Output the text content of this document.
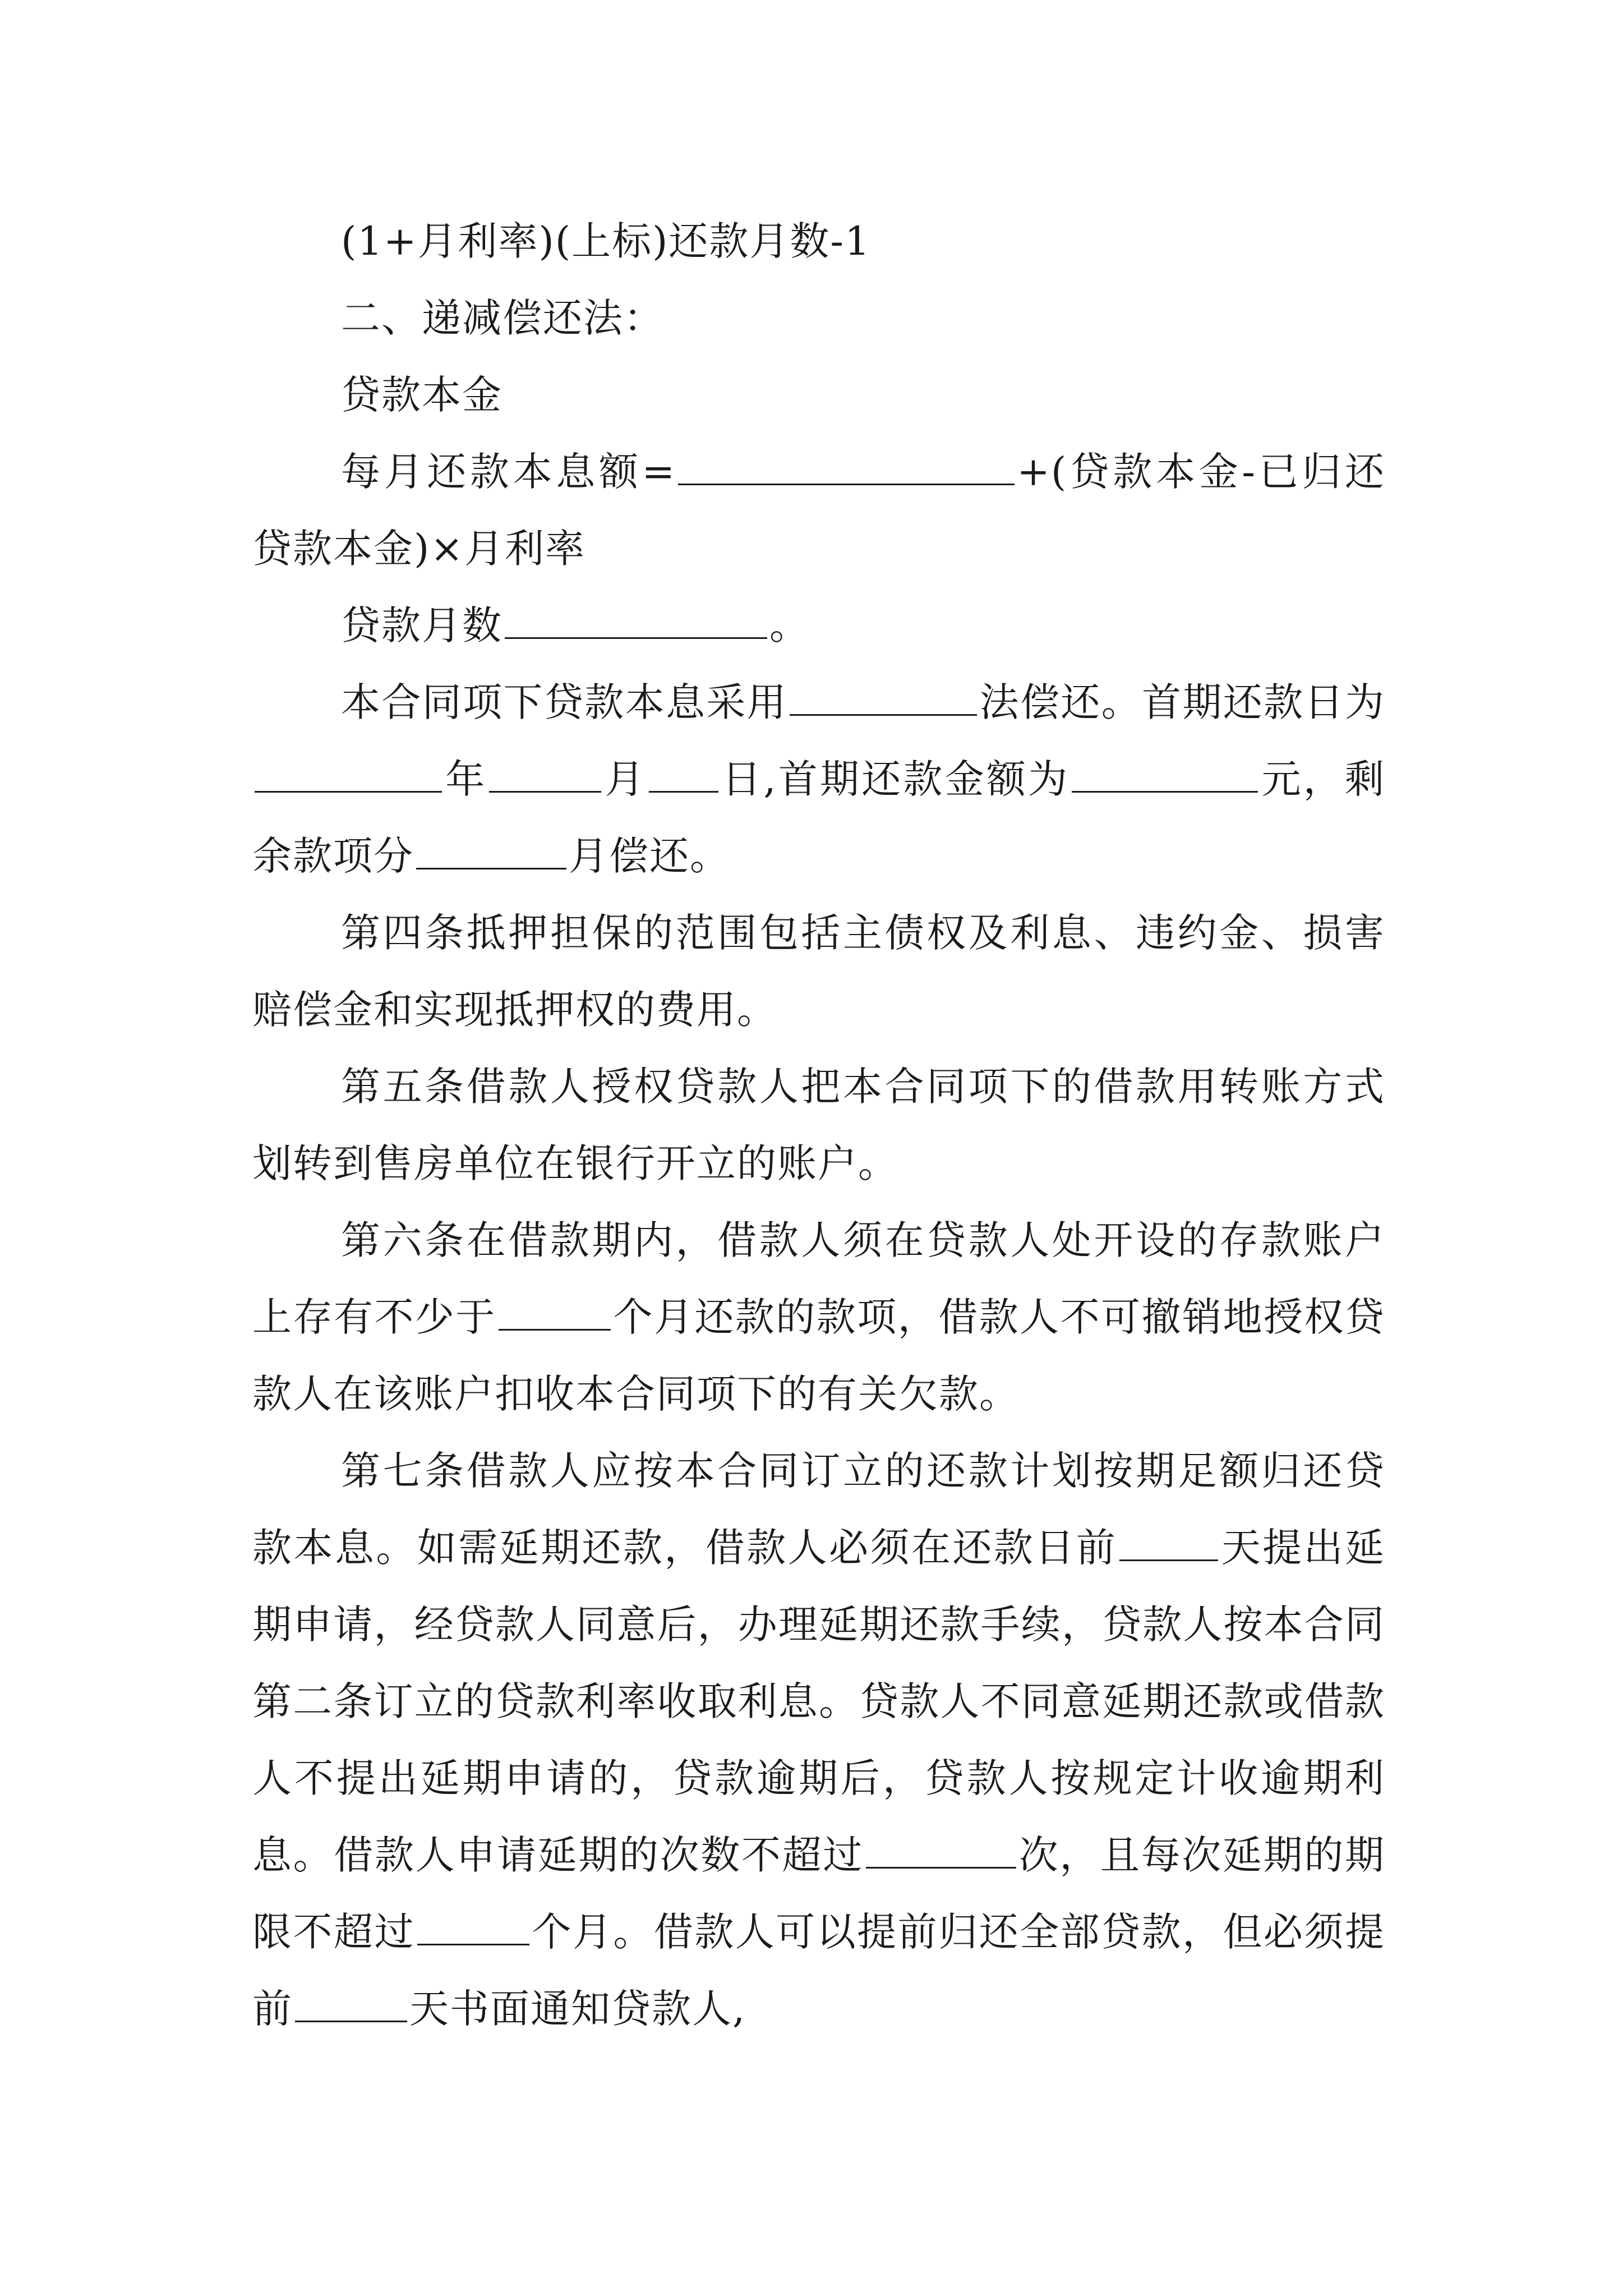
(1+月利率)(上标)还款月数-1

二、递减偿还法：

贷款本金

每月还款本息额=	+(贷款本金-已归还贷款本金)×月利率

贷款月数	。

本合同项下贷款本息采用	法偿还。首期还款日为年	月 日,首期还款金额为	元，剩余款项分	月偿还。

第四条抵押担保的范围包括主债权及利息、违约金、损害赔偿金和实现抵押权的费用。

第五条借款人授权贷款人把本合同项下的借款用转账方式划转到售房单位在银行开立的账户。

第六条在借款期内，借款人须在贷款人处开设的存款账户上存有不少于	个月还款的款项，借款人不可撤销地授权贷款人在该账户扣收本合同项下的有关欠款。

第七条借款人应按本合同订立的还款计划按期足额归还贷款本息。如需延期还款，借款人必须在还款日前	天提出延期申请，经贷款人同意后，办理延期还款手续，贷款人按本合同第二条订立的贷款利率收取利息。贷款人不同意延期还款或借款人不提出延期申请的，贷款逾期后，贷款人按规定计收逾期利息。借款人申请延期的次数不超过	次，且每次延期的期限不超过	个月。借款人可以提前归还全部贷款，但必须提前	天书面通知贷款人,
